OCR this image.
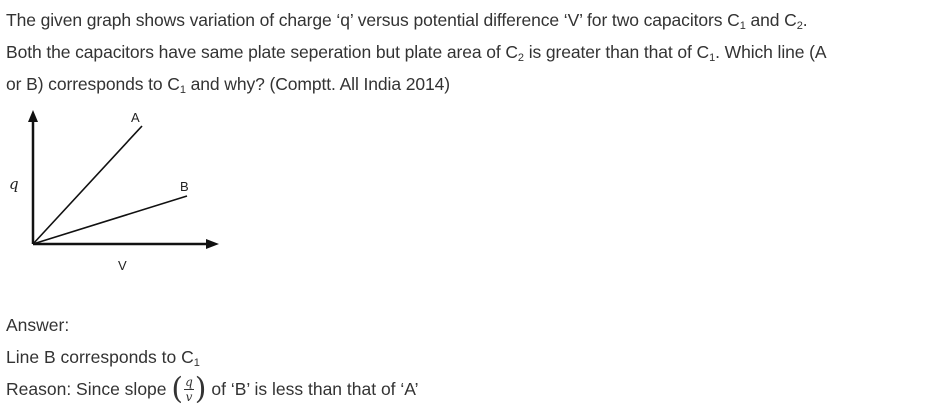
The given graph shows variation of charge ‘q’ versus potential difference ‘V’ for two capacitors $C_1$ and $C_2$.
Both the capacitors have same plate seperation but plate area of $C_2$ is greater than that of $C_1$. Which line (A
or B) corresponds to $C_1$ and why? (Comptt. All India 2014)
A
B
q
V
Answer:
Line B corresponds to $C_1$
Reason: Since slope ( $\frac{q}{v}$ ) of ‘B’ is less than that of ‘A’
